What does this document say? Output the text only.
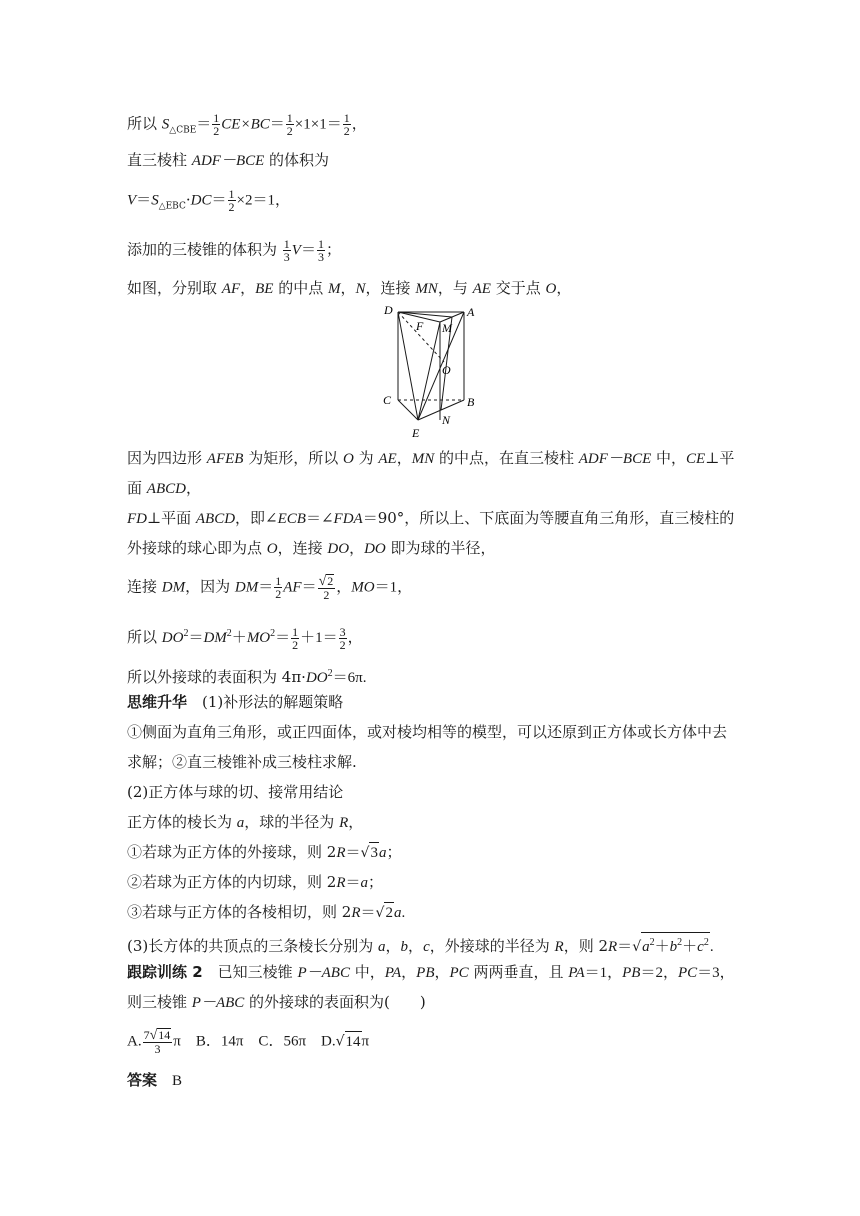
所以 $S_{\triangle CBE}= \frac{1}{2} CE\times BC= \frac{1}{2} \times 1\times 1= \frac{1}{2}$ ，
直三棱柱 ADF－BCE 的体积为
$V=S_{\triangle EBC}\cdot DC= \frac{1}{2} \times 2=1$，
添加的三棱锥的体积为 $\frac{1}{3} V= \frac{1}{3}$ ；
如图，分别取 AF，BE 的中点 M，N，连接 MN，与 AE 交于点 O，
D
F M
A
O
C	B
N
E
因为四边形 AFEB 为矩形，所以 O 为 AE，MN 的中点，在直三棱柱 ADF－BCE 中，CE⊥平
面 ABCD，
FD⊥平面 ABCD，即∠ECB＝∠FDA＝90°，所以上、下底面为等腰直角三角形，直三棱柱的
外接球的球心即为点 O，连接 DO，DO 即为球的半径，
连接 DM，因为 $DM= \frac{1}{2} AF= \frac{√2}{2}$ ，MO＝1，
所以 $DO^2=DM^2+MO^2= \frac{1}{2} +1= \frac{3}{2}$ ，
所以外接球的表面积为 $4\pi\cdot DO^2=6\pi$.
思维升华　(1)补形法的解题策略
①侧面为直角三角形，或正四面体，或对棱均相等的模型，可以还原到正方体或长方体中去
求解；②直三棱锥补成三棱柱求解.
(2)正方体与球的切、接常用结论
正方体的棱长为 a，球的半径为 R，
①若球为正方体的外接球，则 2R＝√3a；
②若球为正方体的内切球，则 2R＝a；
③若球与正方体的各棱相切，则 2R＝√2a.
(3)长方体的共顶点的三条棱长分别为 a，b，c，外接球的半径为 R，则 $2R=√a^2+b^2+c^2$.
跟踪训练 2　已知三棱锥 P－ABC 中，PA，PB，PC 两两垂直，且 PA＝1，PB＝2，PC＝3，
则三棱锥 P－ABC 的外接球的表面积为(　　)
A. $\frac{7√14}{3}$ π　B．14π　C．56π　D.√14π
答案　B
